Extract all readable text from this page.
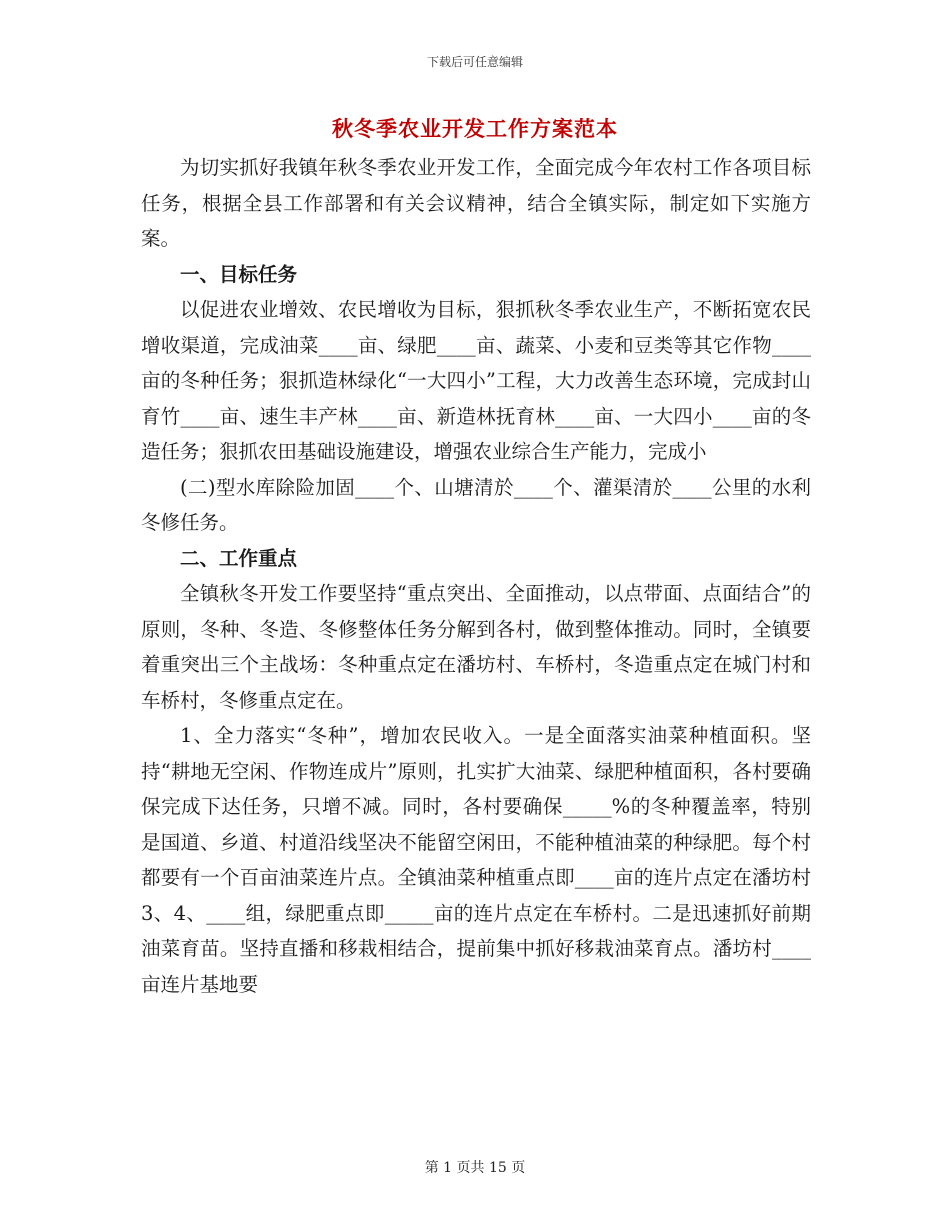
下载后可任意编辑
秋冬季农业开发工作方案范本

为切实抓好我镇年秋冬季农业开发工作，全面完成今年农村工作各项目标任务，根据全县工作部署和有关会议精神，结合全镇实际，制定如下实施方案。

一、目标任务

以促进农业增效、农民增收为目标，狠抓秋冬季农业生产，不断拓宽农民增收渠道，完成油菜____亩、绿肥____亩、蔬菜、小麦和豆类等其它作物____亩的冬种任务；狠抓造林绿化“一大四小”工程，大力改善生态环境，完成封山育竹____亩、速生丰产林____亩、新造林抚育林____亩、一大四小____亩的冬造任务；狠抓农田基础设施建设，增强农业综合生产能力，完成小

(二)型水库除险加固____个、山塘清於____个、灌渠清於____公里的水利冬修任务。

二、工作重点

全镇秋冬开发工作要坚持“重点突出、全面推动，以点带面、点面结合”的原则，冬种、冬造、冬修整体任务分解到各村，做到整体推动。同时，全镇要着重突出三个主战场：冬种重点定在潘坊村、车桥村，冬造重点定在城门村和车桥村，冬修重点定在。

1、全力落实“冬种”，增加农民收入。一是全面落实油菜种植面积。坚持“耕地无空闲、作物连成片”原则，扎实扩大油菜、绿肥种植面积，各村要确保完成下达任务，只增不减。同时，各村要确保_____%的冬种覆盖率，特别是国道、乡道、村道沿线坚决不能留空闲田，不能种植油菜的种绿肥。每个村都要有一个百亩油菜连片点。全镇油菜种植重点即____亩的连片点定在潘坊村3、4、____组，绿肥重点即_____亩的连片点定在车桥村。二是迅速抓好前期油菜育苗。坚持直播和移栽相结合，提前集中抓好移栽油菜育点。潘坊村____亩连片基地要

第 1 页共 15 页
